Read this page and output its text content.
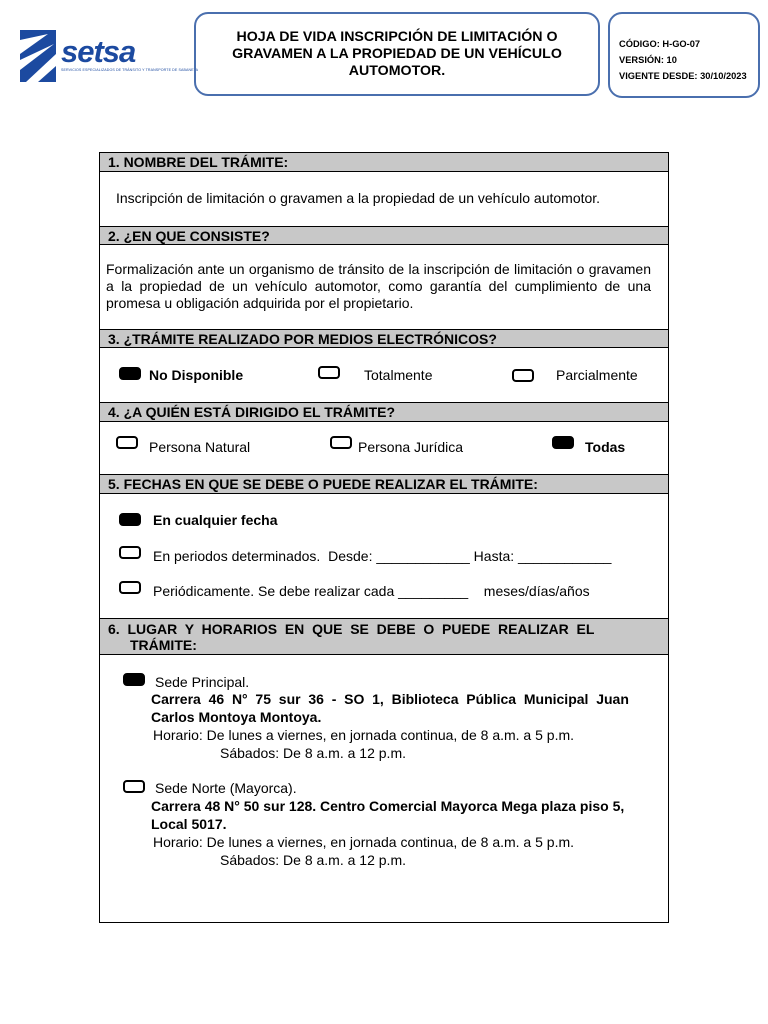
setsa
SERVICIOS ESPECIALIZADOS DE TRÁNSITO Y TRANSPORTE DE SABANETA
HOJA DE VIDA INSCRIPCIÓN DE LIMITACIÓN O GRAVAMEN A LA PROPIEDAD DE UN VEHÍCULO AUTOMOTOR.
CÓDIGO: H-GO-07
VERSIÓN: 10
VIGENTE DESDE: 30/10/2023
1. NOMBRE DEL TRÁMITE:
Inscripción de limitación o gravamen a la propiedad de un vehículo automotor.
2. ¿EN QUE CONSISTE?
Formalización ante un organismo de tránsito de la inscripción de limitación o gravamen a la propiedad de un vehículo automotor, como garantía del cumplimiento de una promesa u obligación adquirida por el propietario.
3. ¿TRÁMITE REALIZADO POR MEDIOS ELECTRÓNICOS?
No Disponible	Totalmente	Parcialmente
4. ¿A QUIÉN ESTÁ DIRIGIDO EL TRÁMITE?
Persona Natural	Persona Jurídica	Todas
5. FECHAS EN QUE SE DEBE O PUEDE REALIZAR EL TRÁMITE:
En cualquier fecha
En periodos determinados.  Desde: ____________ Hasta: ____________
Periódicamente. Se debe realizar cada _________    meses/días/años
6.  LUGAR  Y  HORARIOS  EN  QUE  SE  DEBE  O  PUEDE  REALIZAR  EL
TRÁMITE:
Sede Principal.
Carrera  46  N°  75  sur  36  -  SO  1,  Biblioteca  Pública  Municipal  Juan
Carlos Montoya Montoya.
Horario: De lunes a viernes, en jornada continua, de 8 a.m. a 5 p.m.
Sábados: De 8 a.m. a 12 p.m.
Sede Norte (Mayorca).
Carrera 48 N° 50 sur 128. Centro Comercial Mayorca Mega plaza piso 5,
Local 5017.
Horario: De lunes a viernes, en jornada continua, de 8 a.m. a 5 p.m.
Sábados: De 8 a.m. a 12 p.m.
